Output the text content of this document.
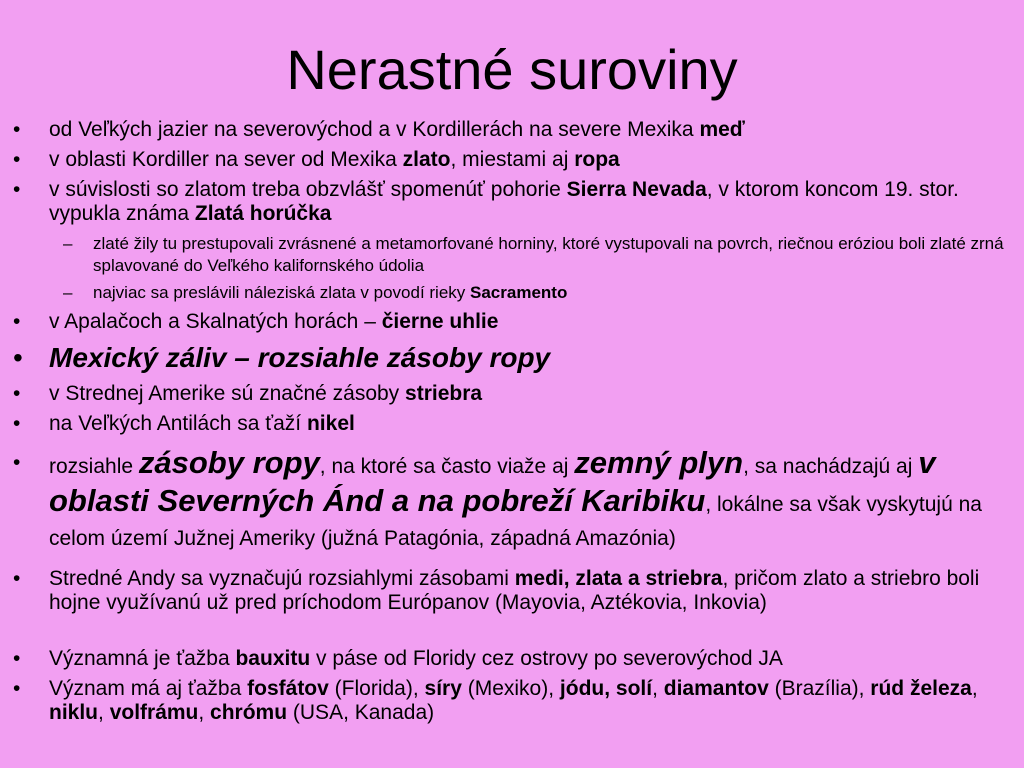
Nerastné suroviny
• od Veľkých jazier na severovýchod a v Kordillerách na severe Mexika meď
• v oblasti Kordiller na sever od Mexika zlato, miestami aj ropa
• v súvislosti so zlatom treba obzvlášť spomenúť pohorie Sierra Nevada, v ktorom koncom 19. stor. vypukla známa Zlatá horúčka
– zlaté žily tu prestupovali zvrásnené a metamorfované horniny, ktoré vystupovali na povrch, riečnou eróziou boli zlaté zrná splavované do Veľkého kalifornského údolia
– najviac sa preslávili náleziská zlata v povodí rieky Sacramento
• v Apalačoch a Skalnatých horách – čierne uhlie
• Mexický záliv – rozsiahle zásoby ropy
• v Strednej Amerike sú značné zásoby striebra
• na Veľkých Antilách sa ťaží nikel
• rozsiahle zásoby ropy, na ktoré sa často viaže aj zemný plyn, sa nachádzajú aj v oblasti Severných Ánd a na pobreží Karibiku, lokálne sa však vyskytujú na celom území Južnej Ameriky (južná Patagónia, západná Amazónia)
• Stredné Andy sa vyznačujú rozsiahlymi zásobami medi, zlata a striebra, pričom zlato a striebro boli hojne využívanú už pred príchodom Európanov (Mayovia, Aztékovia, Inkovia)
• Významná je ťažba bauxitu v páse od Floridy cez ostrovy po severovýchod JA
• Význam má aj ťažba fosfátov (Florida), síry (Mexiko), jódu, solí, diamantov (Brazília), rúd železa, niklu, volfrámu, chrómu (USA, Kanada)
